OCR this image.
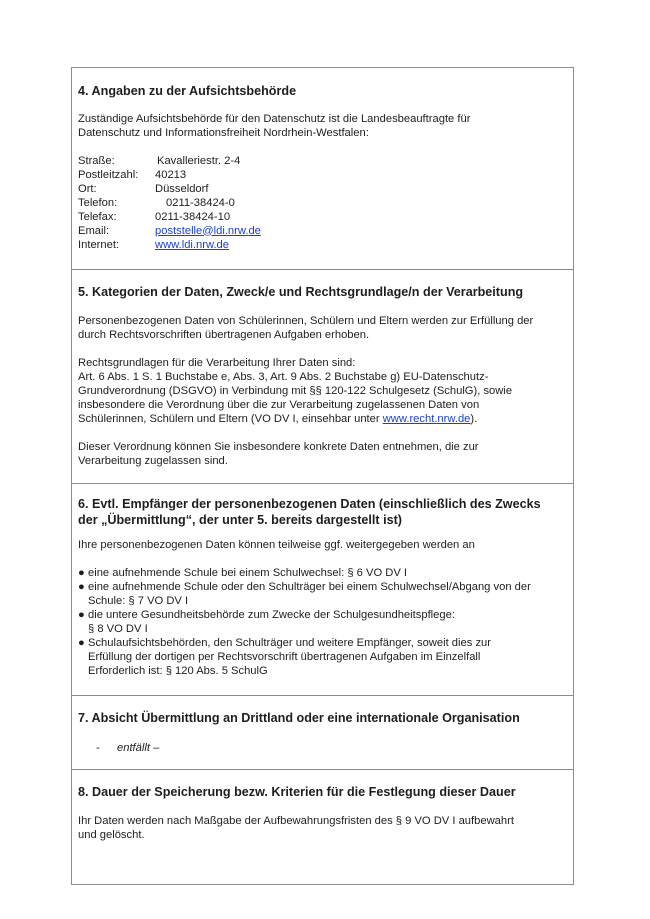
4. Angaben zu der Aufsichtsbehörde

Zuständige Aufsichtsbehörde für den Datenschutz ist die Landesbeauftragte für

Datenschutz und Informationsfreiheit Nordrhein-Westfalen:

Straße:	Kavalleriestr. 2-4
Postleitzahl:	40213
Ort:	Düsseldorf
Telefon:	0211-38424-0
Telefax:	0211-38424-10
Email:	poststelle@ldi.nrw.de
Internet:	www.ldi.nrw.de

5. Kategorien der Daten, Zweck/e und Rechtsgrundlage/n der Verarbeitung

Personenbezogenen Daten von Schülerinnen, Schülern und Eltern werden zur Erfüllung der

durch Rechtsvorschriften übertragenen Aufgaben erhoben.

Rechtsgrundlagen für die Verarbeitung Ihrer Daten sind:

Art. 6 Abs. 1 S. 1 Buchstabe e, Abs. 3, Art. 9 Abs. 2 Buchstabe g) EU-Datenschutz-

Grundverordnung (DSGVO) in Verbindung mit §§ 120-122 Schulgesetz (SchulG), sowie

insbesondere die Verordnung über die zur Verarbeitung zugelassenen Daten von

Schülerinnen, Schülern und Eltern (VO DV I, einsehbar unter www.recht.nrw.de).

Dieser Verordnung können Sie insbesondere konkrete Daten entnehmen, die zur

Verarbeitung zugelassen sind.

6. Evtl. Empfänger der personenbezogenen Daten (einschließlich des Zwecks

der „Übermittlung“, der unter 5. bereits dargestellt ist)

Ihre personenbezogenen Daten können teilweise ggf. weitergegeben werden an

● eine aufnehmende Schule bei einem Schulwechsel: § 6 VO DV I
● eine aufnehmende Schule oder den Schulträger bei einem Schulwechsel/Abgang von der
Schule: § 7 VO DV I
● die untere Gesundheitsbehörde zum Zwecke der Schulgesundheitspflege:
§ 8 VO DV I
● Schulaufsichtsbehörden, den Schulträger und weitere Empfänger, soweit dies zur
Erfüllung der dortigen per Rechtsvorschrift übertragenen Aufgaben im Einzelfall
Erforderlich ist: § 120 Abs. 5 SchulG

7. Absicht Übermittlung an Drittland oder eine internationale Organisation

-	entfällt –

8. Dauer der Speicherung bezw. Kriterien für die Festlegung dieser Dauer

Ihr Daten werden nach Maßgabe der Aufbewahrungsfristen des § 9 VO DV I aufbewahrt

und gelöscht.
